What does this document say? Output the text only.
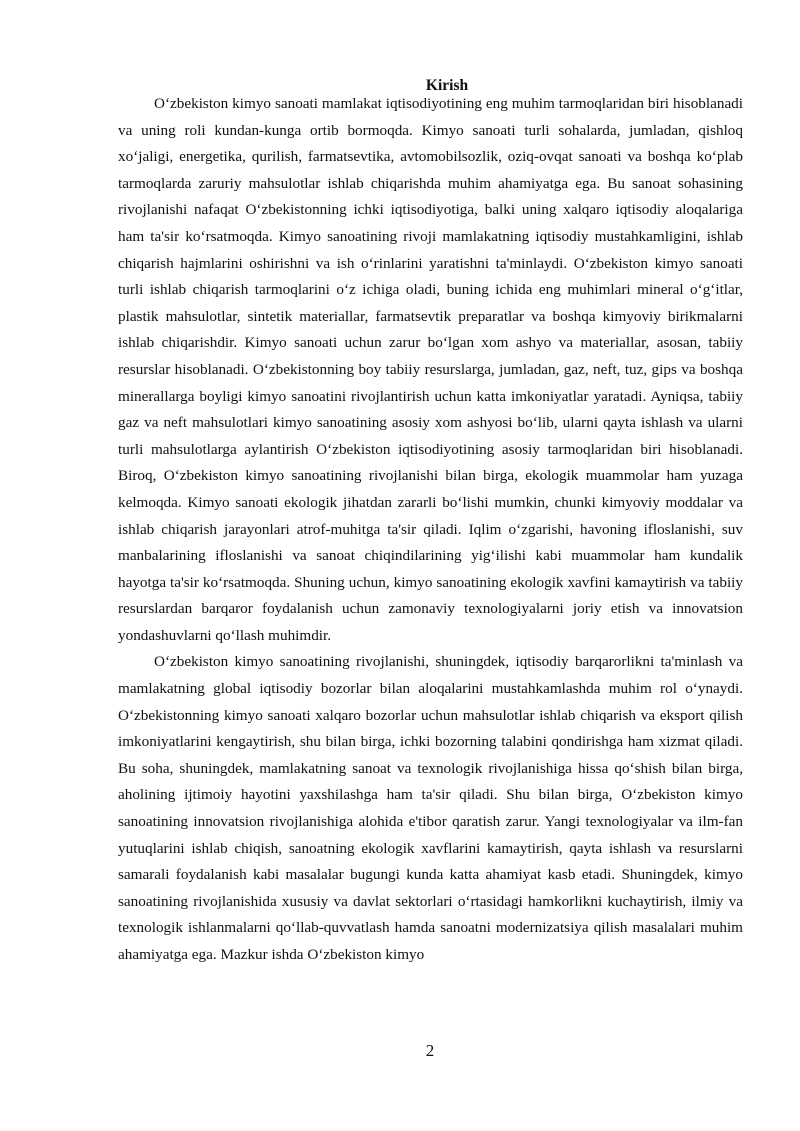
Kirish

O‘zbekiston kimyo sanoati mamlakat iqtisodiyotining eng muhim tarmoqlaridan biri hisoblanadi va uning roli kundan-kunga ortib bormoqda. Kimyo sanoati turli sohalarda, jumladan, qishloq xo‘jaligi, energetika, qurilish, farmatsevtika, avtomobilsozlik, oziq-ovqat sanoati va boshqa ko‘plab tarmoqlarda zaruriy mahsulotlar ishlab chiqarishda muhim ahamiyatga ega. Bu sanoat sohasining rivojlanishi nafaqat O‘zbekistonning ichki iqtisodiyotiga, balki uning xalqaro iqtisodiy aloqalariga ham ta'sir ko‘rsatmoqda. Kimyo sanoatining rivoji mamlakatning iqtisodiy mustahkamligini, ishlab chiqarish hajmlarini oshirishni va ish o‘rinlarini yaratishni ta'minlaydi. O‘zbekiston kimyo sanoati turli ishlab chiqarish tarmoqlarini o‘z ichiga oladi, buning ichida eng muhimlari mineral o‘g‘itlar, plastik mahsulotlar, sintetik materiallar, farmatsevtik preparatlar va boshqa kimyoviy birikmalarni ishlab chiqarishdir. Kimyo sanoati uchun zarur bo‘lgan xom ashyo va materiallar, asosan, tabiiy resurslar hisoblanadi. O‘zbekistonning boy tabiiy resurslarga, jumladan, gaz, neft, tuz, gips va boshqa minerallarga boyligi kimyo sanoatini rivojlantirish uchun katta imkoniyatlar yaratadi. Ayniqsa, tabiiy gaz va neft mahsulotlari kimyo sanoatining asosiy xom ashyosi bo‘lib, ularni qayta ishlash va ularni turli mahsulotlarga aylantirish O‘zbekiston iqtisodiyotining asosiy tarmoqlaridan biri hisoblanadi. Biroq, O‘zbekiston kimyo sanoatining rivojlanishi bilan birga, ekologik muammolar ham yuzaga kelmoqda. Kimyo sanoati ekologik jihatdan zararli bo‘lishi mumkin, chunki kimyoviy moddalar va ishlab chiqarish jarayonlari atrof-muhitga ta'sir qiladi. Iqlim o‘zgarishi, havoning ifloslanishi, suv manbalarining ifloslanishi va sanoat chiqindilarining yig‘ilishi kabi muammolar ham kundalik hayotga ta'sir ko‘rsatmoqda. Shuning uchun, kimyo sanoatining ekologik xavfini kamaytirish va tabiiy resurslardan barqaror foydalanish uchun zamonaviy texnologiyalarni joriy etish va innovatsion yondashuvlarni qo‘llash muhimdir.

O‘zbekiston kimyo sanoatining rivojlanishi, shuningdek, iqtisodiy barqarorlikni ta'minlash va mamlakatning global iqtisodiy bozorlar bilan aloqalarini mustahkamlashda muhim rol o‘ynaydi. O‘zbekistonning kimyo sanoati xalqaro bozorlar uchun mahsulotlar ishlab chiqarish va eksport qilish imkoniyatlarini kengaytirish, shu bilan birga, ichki bozorning talabini qondirishga ham xizmat qiladi. Bu soha, shuningdek, mamlakatning sanoat va texnologik rivojlanishiga hissa qo‘shish bilan birga, aholining ijtimoiy hayotini yaxshilashga ham ta'sir qiladi. Shu bilan birga, O‘zbekiston kimyo sanoatining innovatsion rivojlanishiga alohida e'tibor qaratish zarur. Yangi texnologiyalar va ilm-fan yutuqlarini ishlab chiqish, sanoatning ekologik xavflarini kamaytirish, qayta ishlash va resurslarni samarali foydalanish kabi masalalar bugungi kunda katta ahamiyat kasb etadi. Shuningdek, kimyo sanoatining rivojlanishida xususiy va davlat sektorlari o‘rtasidagi hamkorlikni kuchaytirish, ilmiy va texnologik ishlanmalarni qo‘llab-quvvatlash hamda sanoatni modernizatsiya qilish masalalari muhim ahamiyatga ega. Mazkur ishda O‘zbekiston kimyo

2
